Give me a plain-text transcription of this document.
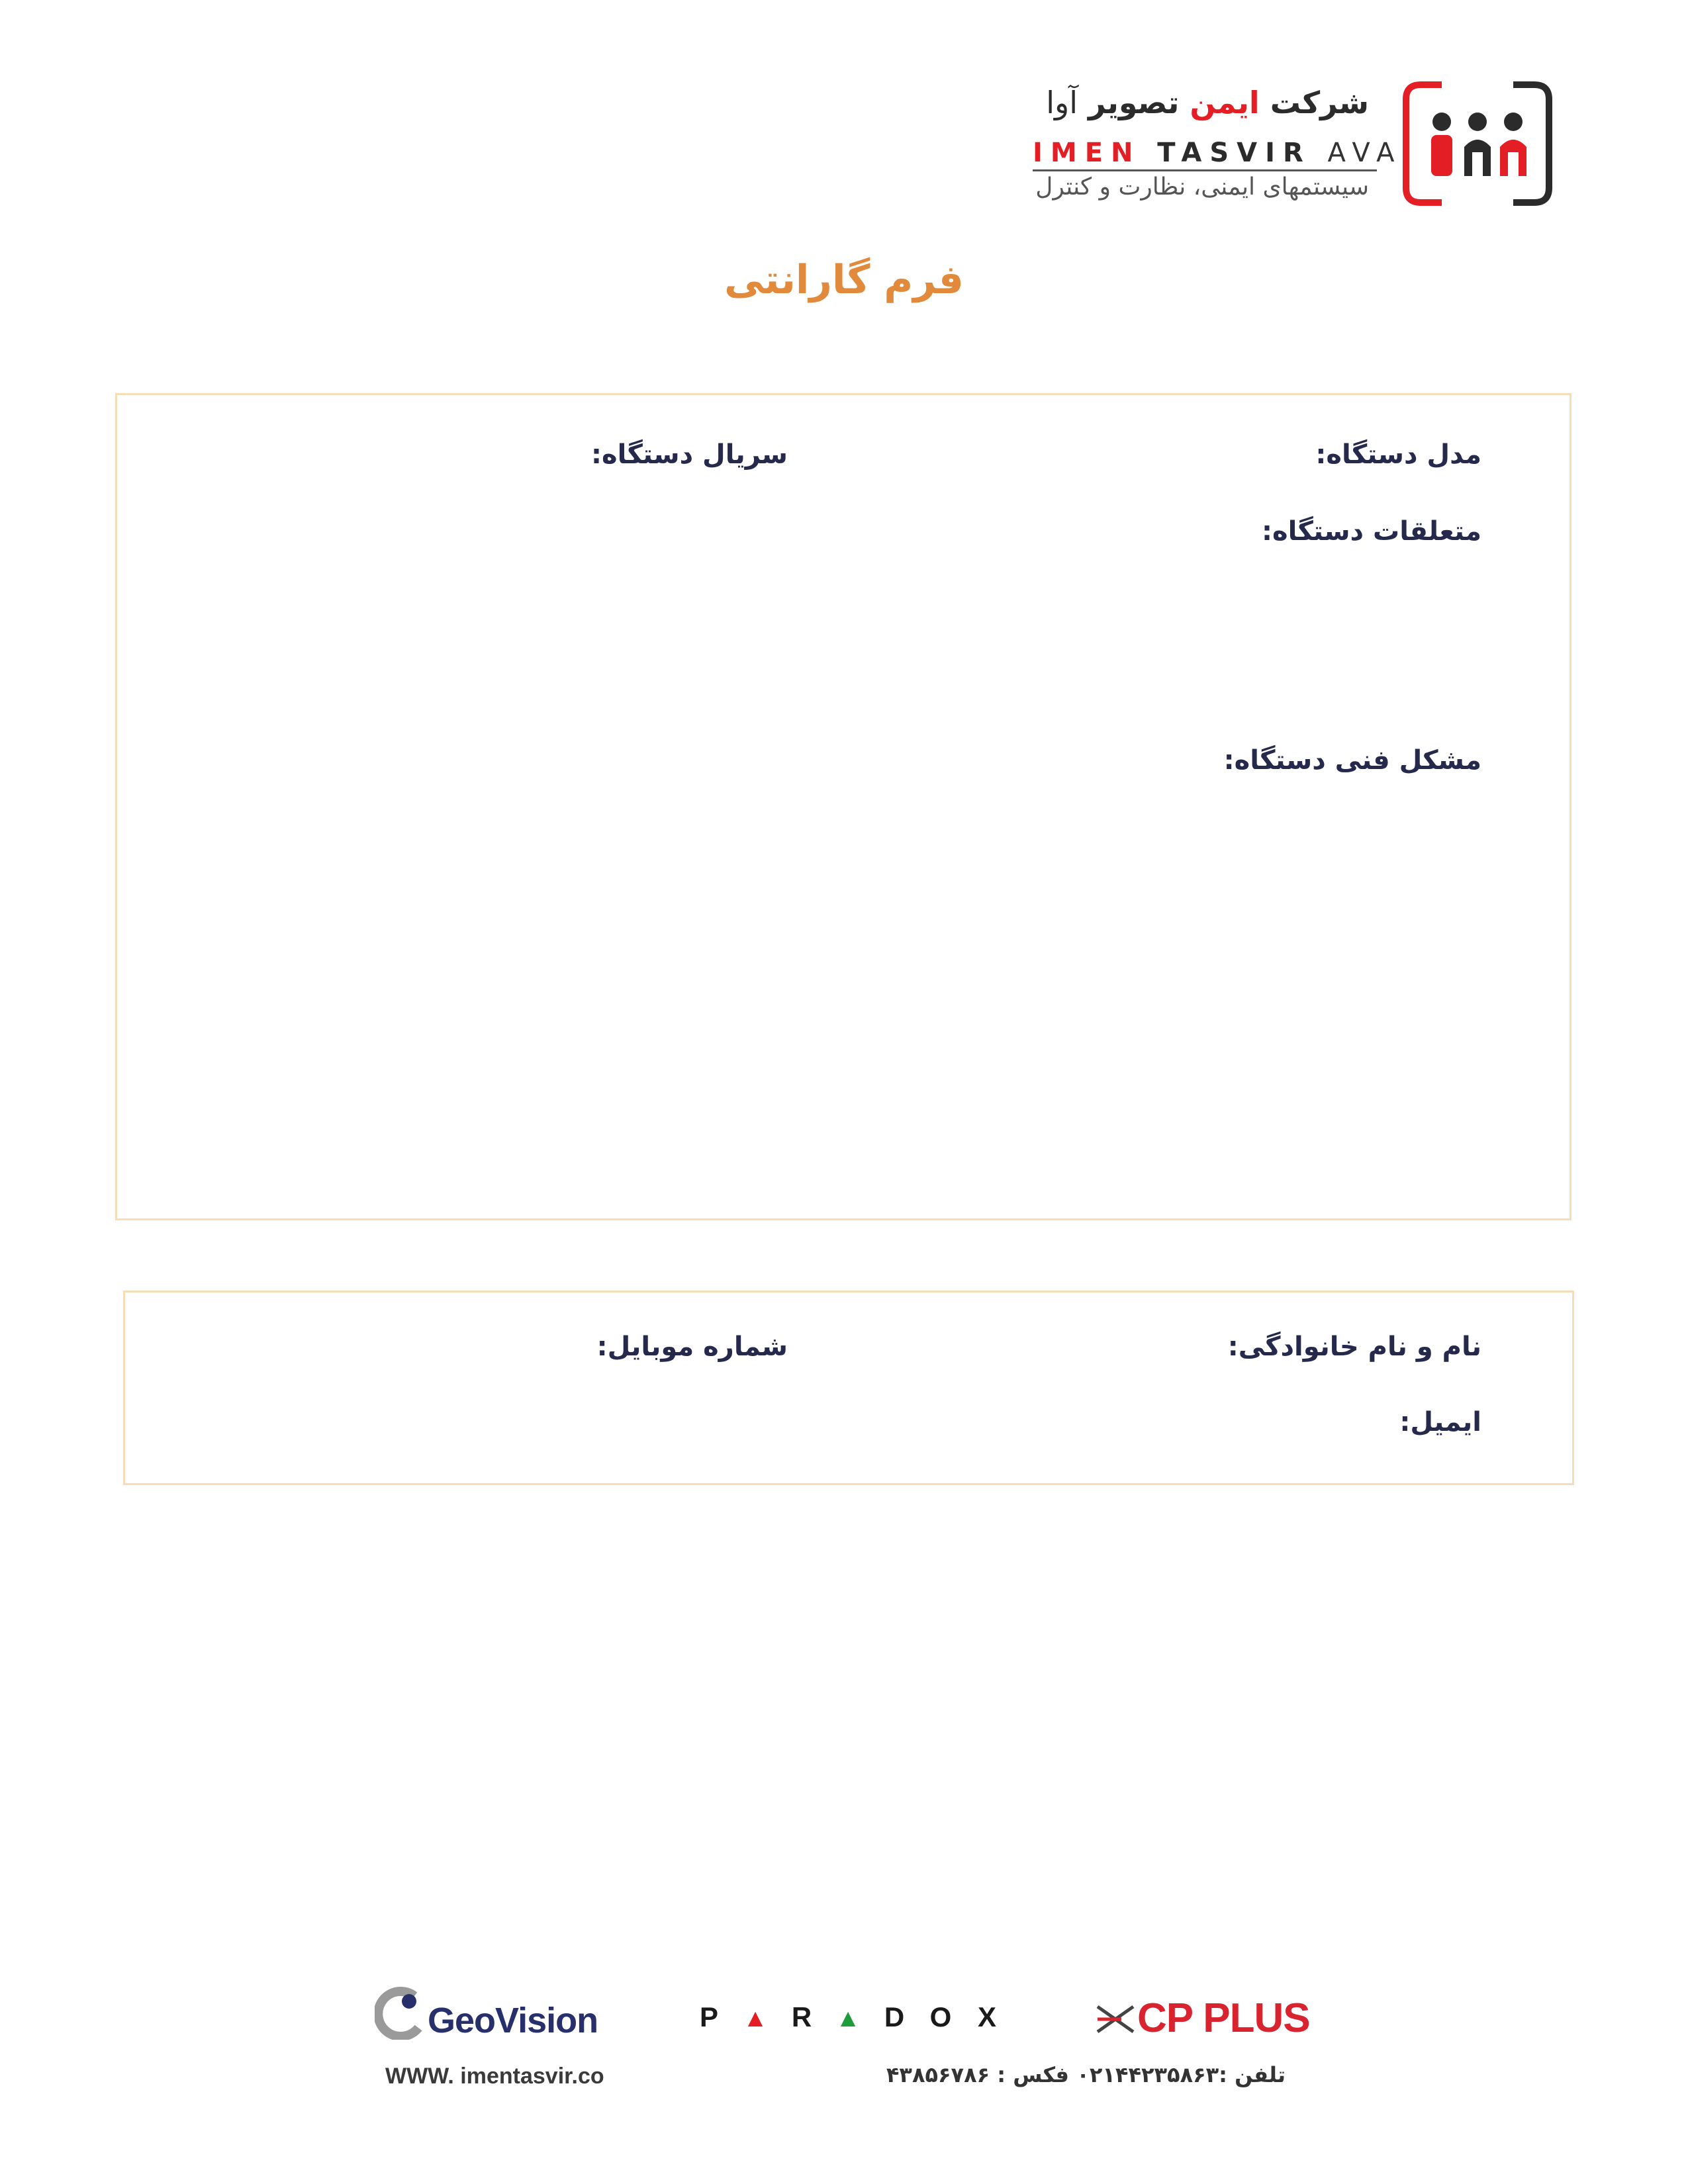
شرکت ایمن تصویر آوا
IMEN TASVIR AVA
سیستمهای ایمنی، نظارت و کنترل
فرم گارانتی
مدل دستگاه:
سریال دستگاه:
متعلقات دستگاه:
مشکل فنی دستگاه:
نام و نام خانوادگی:
شماره موبایل:
ایمیل:
GeoVision	P ▲ R ▲ D O X	CP PLUS
WWW. imentasvir.co	تلفن :۰۲۱۴۴۲۳۵۸۶۳
فکس : ۴۳۸۵۶۷۸۶
